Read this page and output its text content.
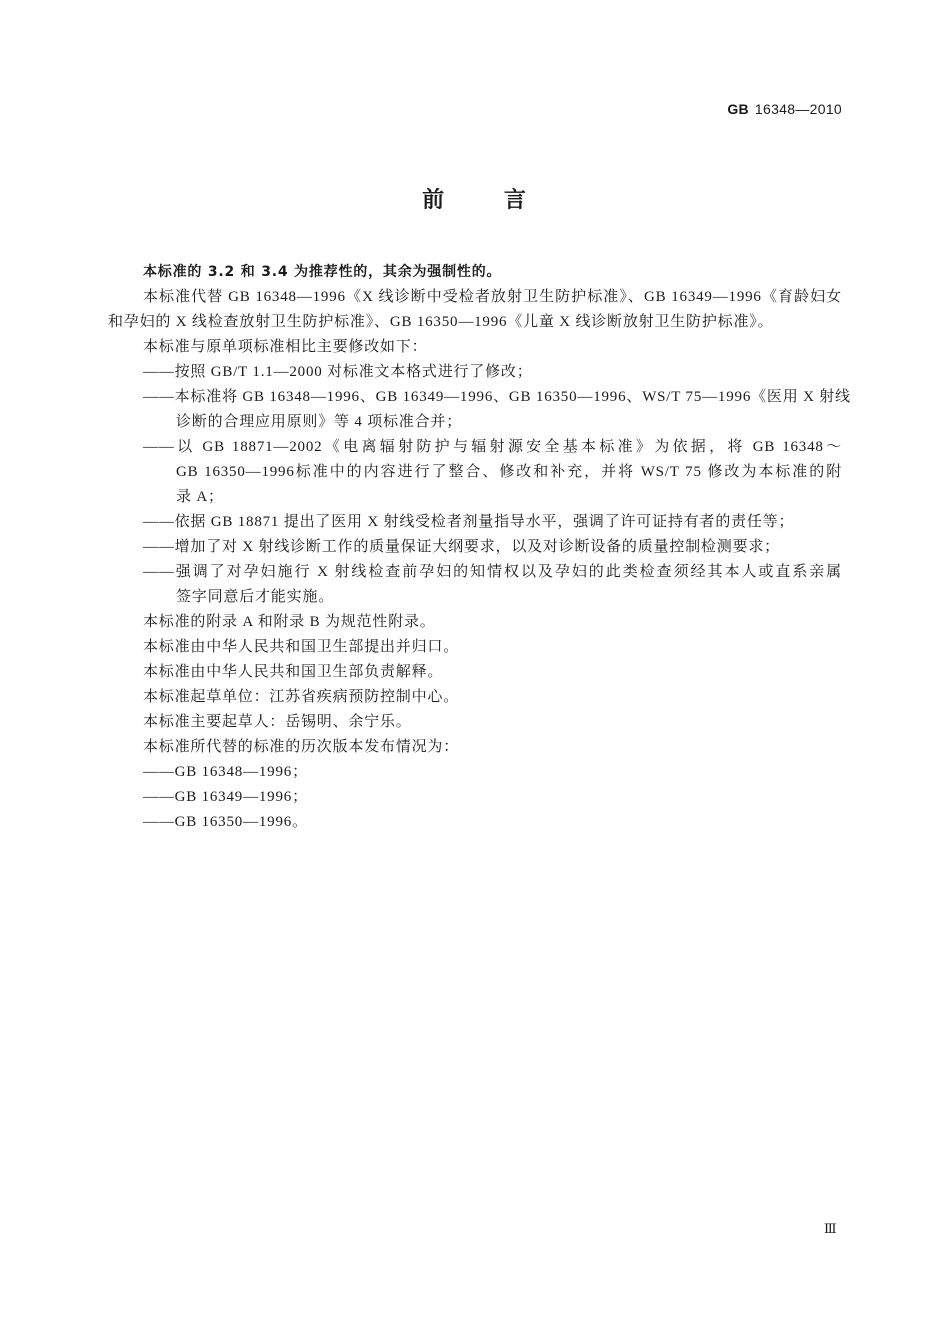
GB 16348—2010
前 言
本标准的 3.2 和 3.4 为推荐性的，其余为强制性的。
本标准代替 GB 16348—1996《X 线诊断中受检者放射卫生防护标准》、GB 16349—1996《育龄妇女
和孕妇的 X 线检查放射卫生防护标准》、GB 16350—1996《儿童 X 线诊断放射卫生防护标准》。
本标准与原单项标准相比主要修改如下：
——按照 GB/T 1.1—2000 对标准文本格式进行了修改；
——本标准将 GB 16348—1996、GB 16349—1996、GB 16350—1996、WS/T 75—1996《医用 X 射线
诊断的合理应用原则》等 4 项标准合并；
——以 GB 18871—2002《电离辐射防护与辐射源安全基本标准》为依据，将 GB 16348～
GB 16350—1996标准中的内容进行了整合、修改和补充，并将 WS/T 75 修改为本标准的附
录 A；
——依据 GB 18871 提出了医用 X 射线受检者剂量指导水平，强调了许可证持有者的责任等；
——增加了对 X 射线诊断工作的质量保证大纲要求，以及对诊断设备的质量控制检测要求；
——强调了对孕妇施行 X 射线检查前孕妇的知情权以及孕妇的此类检查须经其本人或直系亲属
签字同意后才能实施。
本标准的附录 A 和附录 B 为规范性附录。
本标准由中华人民共和国卫生部提出并归口。
本标准由中华人民共和国卫生部负责解释。
本标准起草单位：江苏省疾病预防控制中心。
本标准主要起草人：岳锡明、余宁乐。
本标准所代替的标准的历次版本发布情况为：
——GB 16348—1996；
——GB 16349—1996；
——GB 16350—1996。
Ⅲ
